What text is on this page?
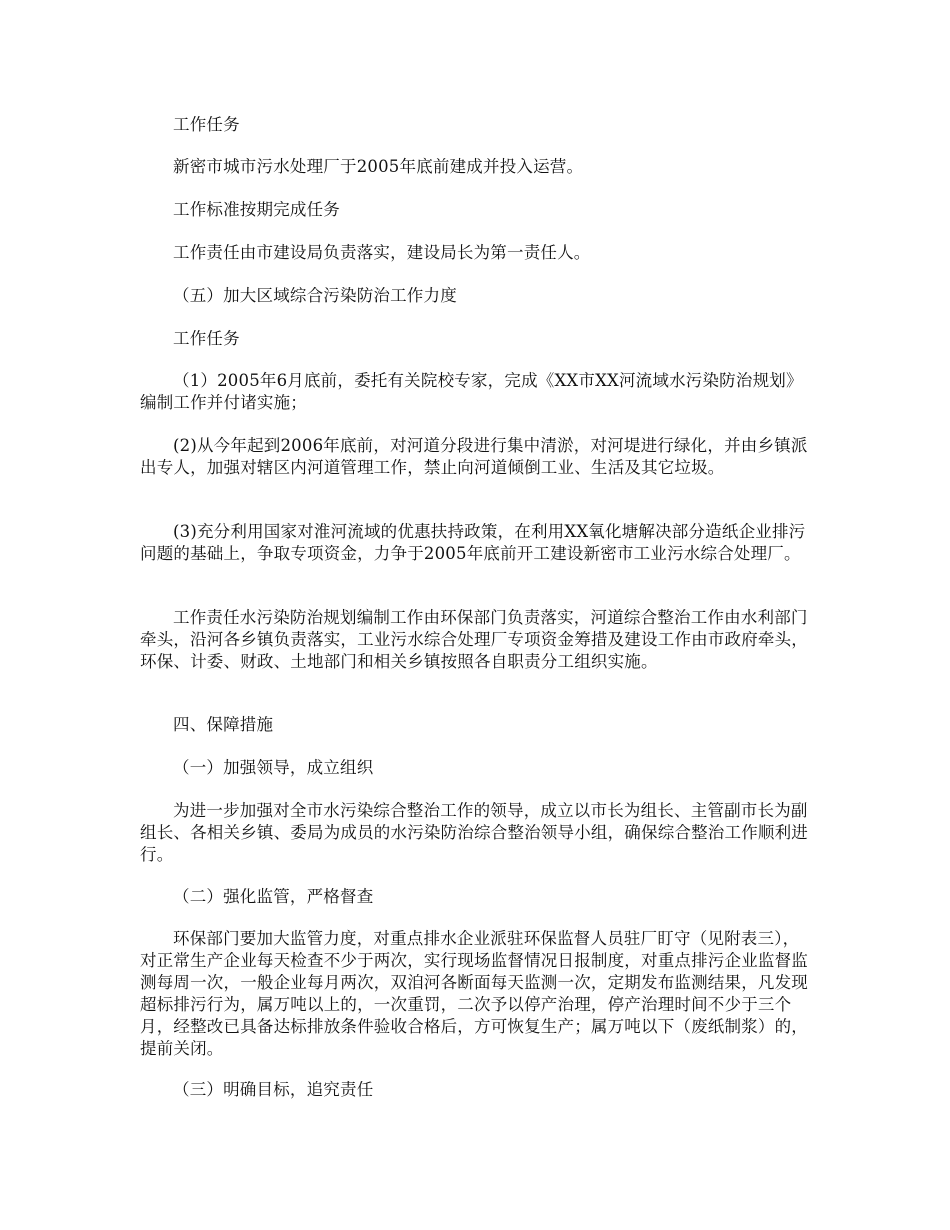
工作任务

新密市城市污水处理厂于2005年底前建成并投入运营。

工作标准按期完成任务

工作责任由市建设局负责落实，建设局长为第一责任人。

（五）加大区域综合污染防治工作力度

工作任务

（1）2005年6月底前，委托有关院校专家，完成《XX市XX河流域水污染防治规划》编制工作并付诸实施；

(2)从今年起到2006年底前，对河道分段进行集中清淤，对河堤进行绿化，并由乡镇派出专人，加强对辖区内河道管理工作，禁止向河道倾倒工业、生活及其它垃圾。

(3)充分利用国家对淮河流域的优惠扶持政策，在利用XX氧化塘解决部分造纸企业排污问题的基础上，争取专项资金，力争于2005年底前开工建设新密市工业污水综合处理厂。

工作责任水污染防治规划编制工作由环保部门负责落实，河道综合整治工作由水利部门牵头，沿河各乡镇负责落实，工业污水综合处理厂专项资金筹措及建设工作由市政府牵头，环保、计委、财政、土地部门和相关乡镇按照各自职责分工组织实施。

四、保障措施

（一）加强领导，成立组织

为进一步加强对全市水污染综合整治工作的领导，成立以市长为组长、主管副市长为副组长、各相关乡镇、委局为成员的水污染防治综合整治领导小组，确保综合整治工作顺利进行。

（二）强化监管，严格督查

环保部门要加大监管力度，对重点排水企业派驻环保监督人员驻厂盯守（见附表三），对正常生产企业每天检查不少于两次，实行现场监督情况日报制度，对重点排污企业监督监测每周一次，一般企业每月两次，双洎河各断面每天监测一次，定期发布监测结果，凡发现超标排污行为，属万吨以上的，一次重罚，二次予以停产治理，停产治理时间不少于三个月，经整改已具备达标排放条件验收合格后，方可恢复生产；属万吨以下（废纸制浆）的，提前关闭。

（三）明确目标，追究责任
